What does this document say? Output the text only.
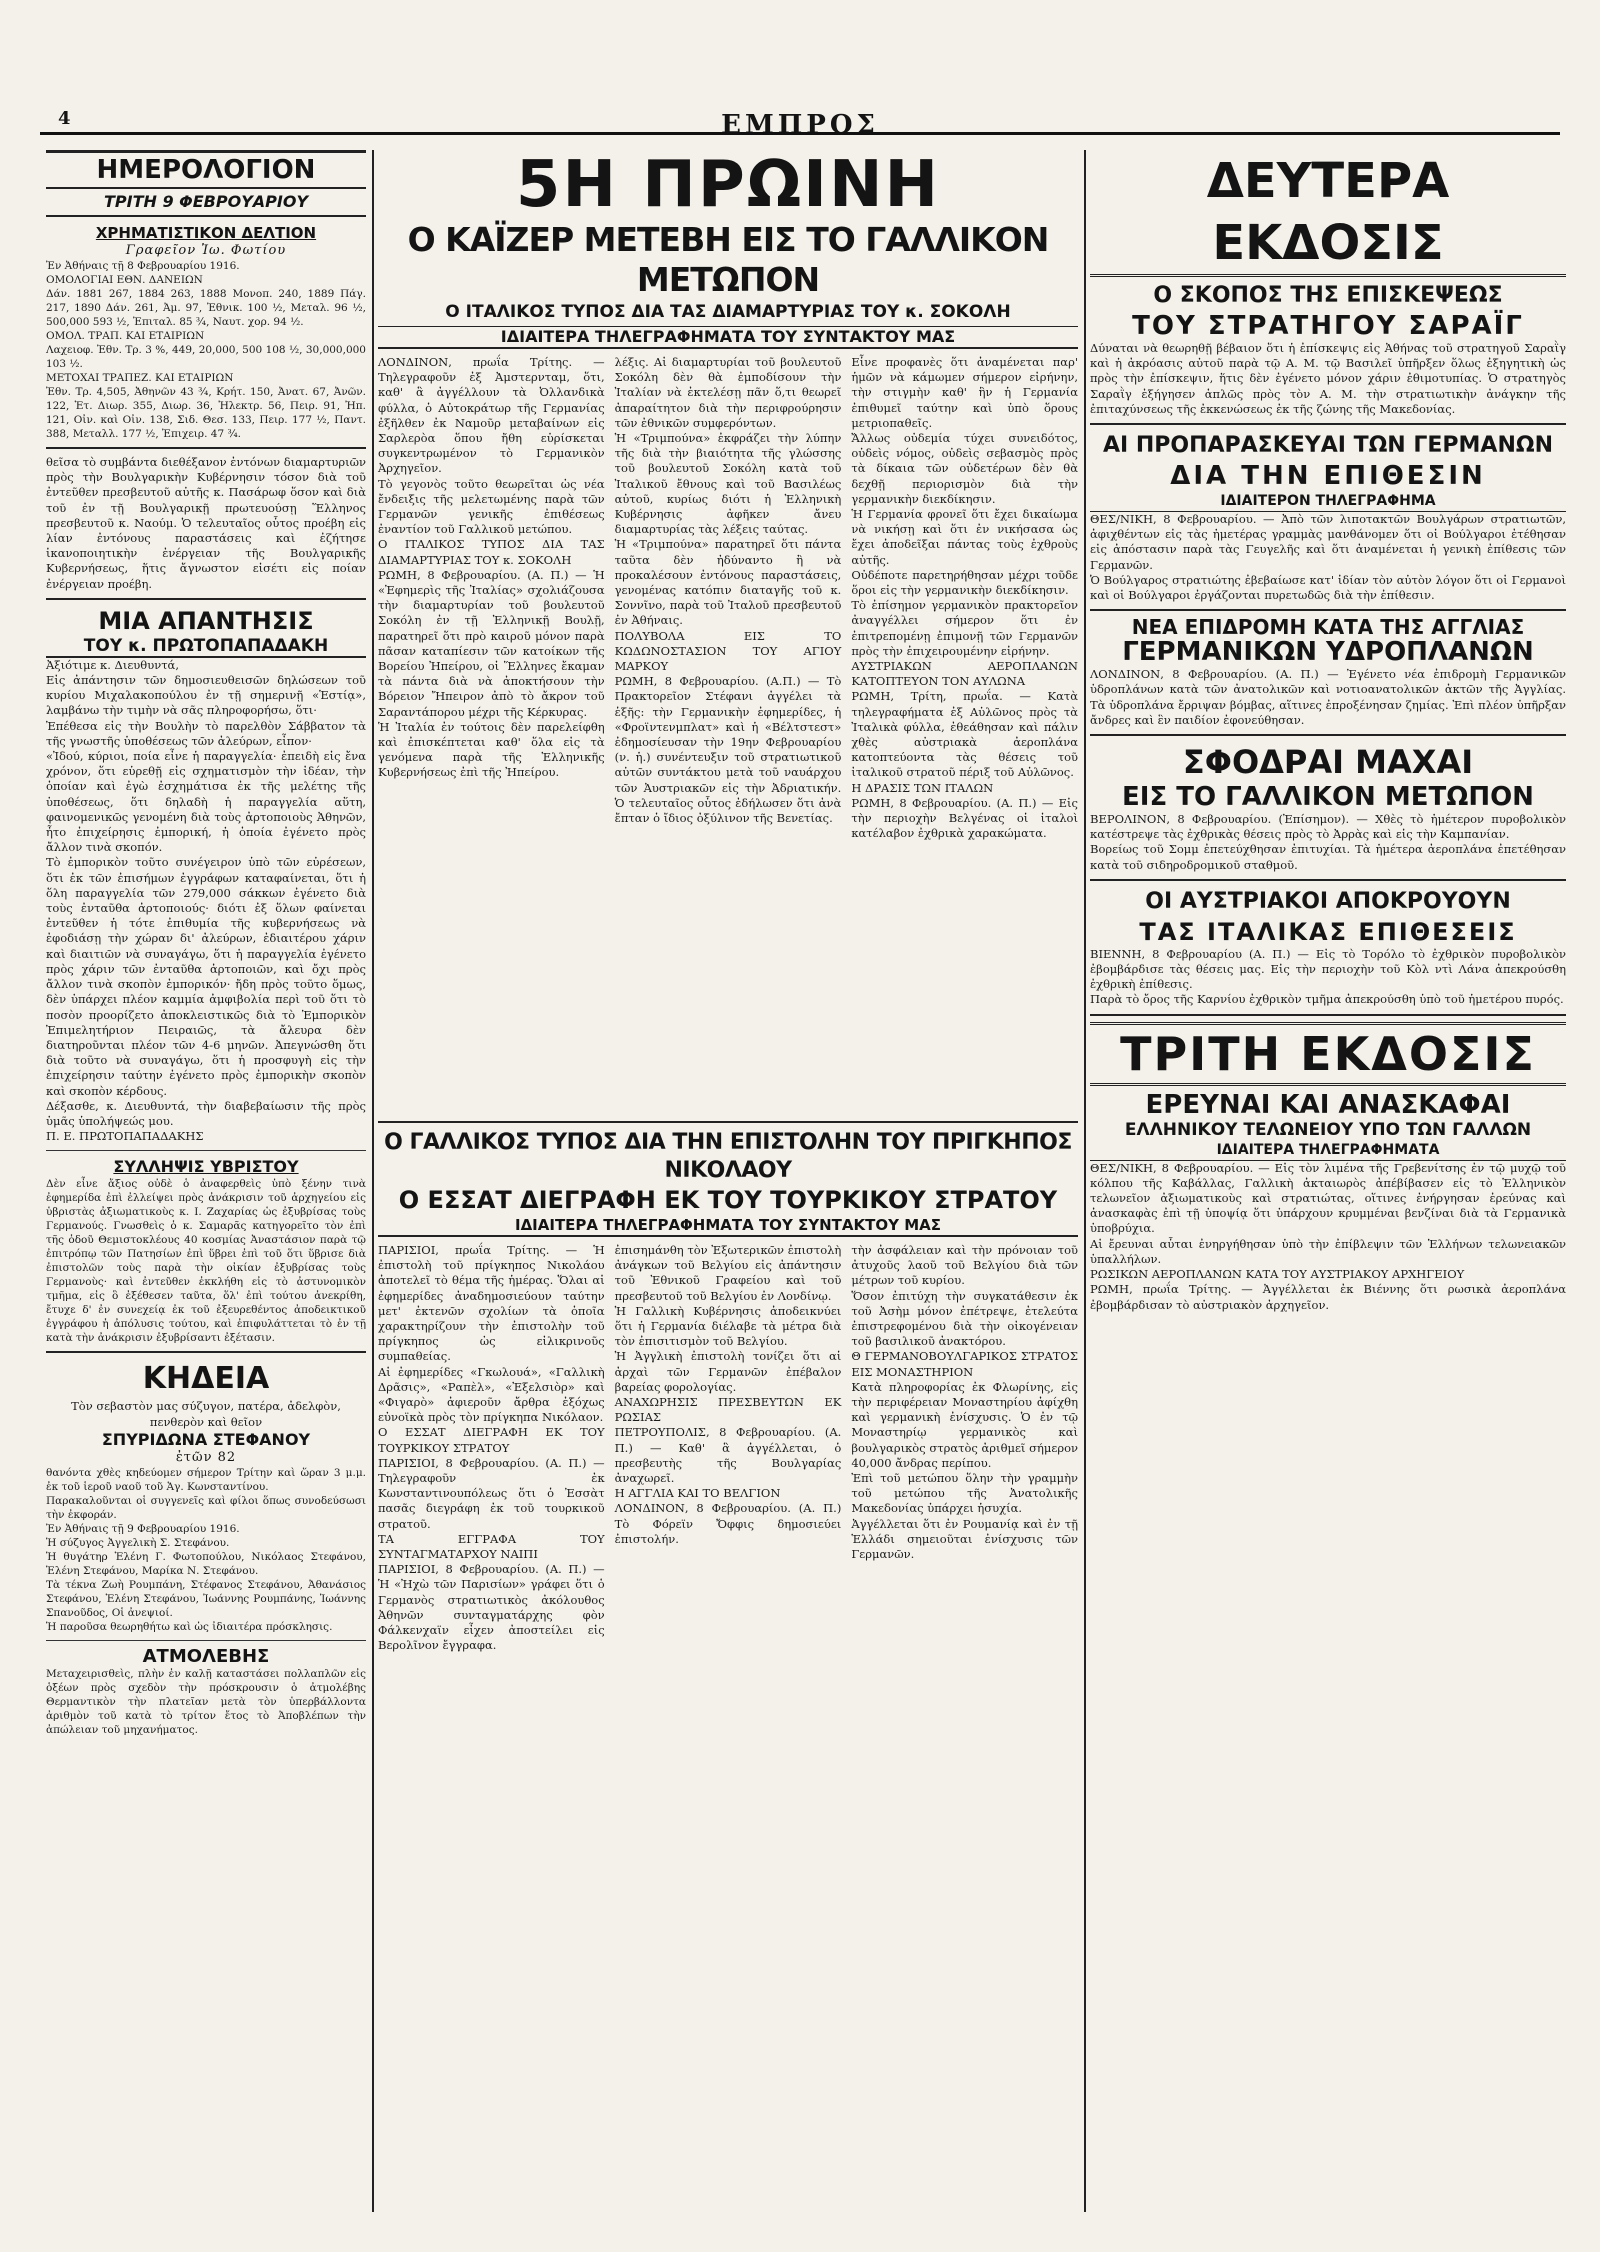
4	ΕΜΠΡΟΣ
ΗΜΕΡΟΛΟΓΙΟΝ
ΤΡΙΤΗ 9 ΦΕΒΡΟΥΑΡΙΟΥ
ΧΡΗΜΑΤΙΣΤΙΚΟΝ ΔΕΛΤΙΟΝ
Γραφεῖον Ἰω. Φωτίου
Ἐν Ἀθήναις τῇ 8 Φεβρουαρίου 1916.
ΟΜΟΛΟΓΙΑΙ ΕΘΝ. ΔΑΝΕΙΩΝ
Δάν. 1881 267, 1884 263, 1888 Μονοπ. 240, 1889 Πάγ. 217, 1890 Δάν. 261, Ἀμ. 97, Ἐθνικ. 100 ½, Μεταλ. 96 ½, 500,000 593 ½, Ἐπιταλ. 85 ¾, Ναυτ. χορ. 94 ½.
ΟΜΟΛ. ΤΡΑΠ. ΚΑΙ ΕΤΑΙΡΙΩΝ
Λαχειοφ. Ἐθν. Τρ. 3 %, 449, 20,000, 500 108 ½, 30,000,000 103 ½.
ΜΕΤΟΧΑΙ ΤΡΑΠΕΖ. ΚΑΙ ΕΤΑΙΡΙΩΝ
Ἐθν. Τρ. 4,505, Ἀθηνῶν 43 ¾, Κρήτ. 150, Ἀνατ. 67, Ἀνῶν. 122, Ἑτ. Διωρ. 355, Διωρ. 36, Ἠλεκτρ. 56, Πειρ. 91, Ἠπ. 121, Οἰν. καὶ Οἰν. 138, Σιδ. Θεσ. 133, Πειρ. 177 ½, Παντ. 388, Μεταλλ. 177 ½, Ἐπιχειρ. 47 ¾.
θεῖσα τὸ συμβάντα διεθέξανον ἐντόνων διαμαρτυριῶν πρὸς τὴν Βουλγαρικὴν Κυβέρνησιν τόσον διὰ τοῦ ἐντεῦθεν πρεσβευτοῦ αὐτῆς κ. Πασάρωφ ὅσον καὶ διὰ τοῦ ἐν τῇ Βουλγαρικῇ πρωτευούσῃ Ἕλληνος πρεσβευτοῦ κ. Ναούμ. Ὁ τελευταῖος οὗτος προέβη εἰς λίαν ἐντόνους παραστάσεις καὶ ἐζήτησε ἱκανοποιητικὴν ἐνέργειαν τῆς Βουλγαρικῆς Κυβερνήσεως, ἥτις ἄγνωστον εἰσέτι εἰς ποίαν ἐνέργειαν προέβη.
ΜΙΑ ΑΠΑΝΤΗΣΙΣ
ΤΟΥ κ. ΠΡΩΤΟΠΑΠΑΔΑΚΗ
Ἀξιότιμε κ. Διευθυντά,
Εἰς ἀπάντησιν τῶν δημοσιευθεισῶν δηλώσεων τοῦ κυρίου Μιχαλακοπούλου ἐν τῇ σημερινῇ «Ἑστίᾳ», λαμβάνω τὴν τιμὴν νὰ σᾶς πληροφορήσω, ὅτι·
Ἐπέθεσα εἰς τὴν Βουλὴν τὸ παρελθὸν Σάββατον τὰ τῆς γνωστῆς ὑποθέσεως τῶν ἀλεύρων, εἶπον·
«Ἰδού, κύριοι, ποία εἶνε ἡ παραγγελία· ἐπειδὴ εἰς ἔνα χρόνον, ὅτι εὑρεθῇ εἰς σχηματισμὸν τὴν ἰδέαν, τὴν ὁποίαν καὶ ἐγὼ ἐσχημάτισα ἐκ τῆς μελέτης τῆς ὑποθέσεως, ὅτι δηλαδὴ ἡ παραγγελία αὕτη, φαινομενικῶς γενομένη διὰ τοὺς ἀρτοποιοὺς Ἀθηνῶν, ἦτο ἐπιχείρησις ἐμπορική, ἡ ὁποία ἐγένετο πρὸς ἄλλον τινὰ σκοπόν.
Τὸ ἐμπορικὸν τοῦτο συνέγειρον ὑπὸ τῶν εὐρέσεων, ὅτι ἐκ τῶν ἐπισήμων ἐγγράφων καταφαίνεται, ὅτι ἡ ὅλη παραγγελία τῶν 279,000 σάκκων ἐγένετο διὰ τοὺς ἐνταῦθα ἀρτοποιούς· διότι ἐξ ὅλων φαίνεται ἐντεῦθεν ἡ τότε ἐπιθυμία τῆς κυβερνήσεως νὰ ἐφοδιάσῃ τὴν χώραν δι' ἀλεύρων, ἐδιαιτέρου χάριν καὶ διαιτιῶν νὰ συναγάγω, ὅτι ἡ παραγγελία ἐγένετο πρὸς χάριν τῶν ἐνταῦθα ἀρτοποιῶν, καὶ ὄχι πρὸς ἄλλον τινὰ σκοπὸν ἐμπορικόν· ἤδη πρὸς τοῦτο ὅμως, δὲν ὑπάρχει πλέον καμμία ἀμφιβολία περὶ τοῦ ὅτι τὸ ποσὸν προορίζετο ἀποκλειστικῶς διὰ τὸ Ἐμπορικὸν Ἐπιμελητήριον Πειραιῶς, τὰ ἄλευρα δὲν διατηροῦνται πλέον τῶν 4-6 μηνῶν. Ἀπεγνώσθη ὅτι διὰ τοῦτο νὰ συναγάγω, ὅτι ἡ προσφυγὴ εἰς τὴν ἐπιχείρησιν ταύτην ἐγένετο πρὸς ἐμπορικὴν σκοπὸν καὶ σκοπὸν κέρδους.
Δέξασθε, κ. Διευθυντά, τὴν διαβεβαίωσιν τῆς πρὸς ὑμᾶς ὑπολήψεώς μου.
Π. Ε. ΠΡΩΤΟΠΑΠΑΔΑΚΗΣ
ΣΥΛΛΗΨΙΣ ΥΒΡΙΣΤΟΥ
Δὲν εἶνε ἄξιος οὐδὲ ὁ ἀναφερθεὶς ὑπὸ ξένην τινὰ ἐφημερίδα ἐπὶ ἐλλείψει πρὸς ἀνάκρισιν τοῦ ἀρχηγείου εἰς ὑβριστὰς ἀξιωματικοὺς κ. Ι. Ζαχαρίας ὡς ἐξυβρίσας τοὺς Γερμανούς. Γνωσθεὶς ὁ κ. Σαμαρᾶς κατηγορεῖτο τὸν ἐπὶ τῆς ὁδοῦ Θεμιστοκλέους 40 κοσμίας Ἀναστάσιον παρὰ τῷ ἐπιτρόπῳ τῶν Πατησίων ἐπὶ ὕβρει ἐπὶ τοῦ ὅτι ὕβρισε διὰ ἐπιστολῶν τοὺς παρὰ τὴν οἰκίαν ἐξυβρίσας τοὺς Γερμανοὺς· καὶ ἐντεῦθεν ἐκκλήθη εἰς τὸ ἀστυνομικὸν τμῆμα, εἰς ὃ ἐξέθεσεν ταῦτα, ὅλ' ἐπὶ τούτου ἀνεκρίθη, ἔτυχε δ' ἐν συνεχείᾳ ἐκ τοῦ ἐξευρεθέντος ἀποδεικτικοῦ ἐγγράφου ἡ ἀπόλυσις τούτου, καὶ ἐπιφυλάττεται τὸ ἐν τῇ κατὰ τὴν ἀνάκρισιν ἐξυβρίσαντι ἐξέτασιν.
ΚΗΔΕΙΑ
Τὸν σεβαστὸν μας σύζυγον, πατέρα, ἀδελφὸν, πενθερὸν καὶ θεῖον
ΣΠΥΡΙΔΩΝΑ ΣΤΕΦΑΝΟΥ
ἐτῶν 82
θανόντα χθὲς κηδεύομεν σήμερον Τρίτην καὶ ὥραν 3 μ.μ. ἐκ τοῦ ἱεροῦ ναοῦ τοῦ Ἁγ. Κωνσταντίνου.
Παρακαλοῦνται οἱ συγγενεῖς καὶ φίλοι ὅπως συνοδεύσωσι τὴν ἐκφοράν.
Ἐν Ἀθήναις τῇ 9 Φεβρουαρίου 1916.
Ἡ σύζυγος Ἀγγελικὴ Σ. Στεφάνου.
Ἡ θυγάτηρ Ἑλένη Γ. Φωτοπούλου, Νικόλαος Στεφάνου, Ἑλένη Στεφάνου, Μαρίκα Ν. Στεφάνου.
Τὰ τέκνα Ζωὴ Ρουμπάνη, Στέφανος Στεφάνου, Ἀθανάσιος Στεφάνου, Ἑλένη Στεφάνου, Ἰωάννης Ρουμπάνης, Ἰωάννης Σπανοῦδος, Οἱ ἀνεψιοί.
Ἡ παροῦσα θεωρηθήτω καὶ ὡς ἰδιαιτέρα πρόσκλησις.
ΑΤΜΟΛΕΒΗΣ
Μεταχειρισθεὶς, πλὴν ἐν καλῇ καταστάσει πολλαπλῶν εἰς ὁξέων πρὸς σχεδὸν τὴν πρόσκρουσιν ὁ ἀτμολέβης Θερμαντικὸν τὴν πλατεῖαν μετὰ τὸν ὑπερβάλλοντα ἀριθμὸν τοῦ κατὰ τὸ τρίτον ἔτος τὸ Ἀποβλέπων τὴν ἀπώλειαν τοῦ μηχανήματος.
5Η ΠΡΩΙΝΗ
Ο ΚΑΪΖΕΡ ΜΕΤΕΒΗ ΕΙΣ ΤΟ ΓΑΛΛΙΚΟΝ ΜΕΤΩΠΟΝ
Ο ΙΤΑΛΙΚΟΣ ΤΥΠΟΣ ΔΙΑ ΤΑΣ ΔΙΑΜΑΡΤΥΡΙΑΣ ΤΟΥ κ. ΣΟΚΟΛΗ
ΙΔΙΑΙΤΕΡΑ ΤΗΛΕΓΡΑΦΗΜΑΤΑ ΤΟΥ ΣΥΝΤΑΚΤΟΥ ΜΑΣ
ΛΟΝΔΙΝΟΝ, πρωΐα Τρίτης. — Τηλεγραφοῦν ἐξ Ἀμστερνταμ, ὅτι, καθ' ἃ ἀγγέλλουν τὰ Ὀλλανδικὰ φύλλα, ὁ Αὐτοκράτωρ τῆς Γερμανίας ἐξῆλθεν ἐκ Ναμοῦρ μεταβαίνων εἰς Σαρλερὸα ὅπου ἤθη εὑρίσκεται συγκεντρωμένον τὸ Γερμανικὸν Ἀρχηγεῖον.
Τὸ γεγονὸς τοῦτο θεωρεῖται ὡς νέα ἔνδειξις τῆς μελετωμένης παρὰ τῶν Γερμανῶν γενικῆς ἐπιθέσεως ἐναντίον τοῦ Γαλλικοῦ μετώπου.
Ο ΙΤΑΛΙΚΟΣ ΤΥΠΟΣ ΔΙΑ ΤΑΣ ΔΙΑΜΑΡΤΥΡΙΑΣ ΤΟΥ κ. ΣΟΚΟΛΗ
ΡΩΜΗ, 8 Φεβρουαρίου. (Α. Π.) — Ἡ «Ἐφημερὶς τῆς Ἰταλίας» σχολιάζουσα τὴν διαμαρτυρίαν τοῦ βουλευτοῦ Σοκόλη ἐν τῇ Ἑλληνικῇ Βουλῇ, παρατηρεῖ ὅτι πρὸ καιροῦ μόνον παρὰ πᾶσαν καταπίεσιν τῶν κατοίκων τῆς Βορείου Ἠπείρου, οἱ Ἕλληνες ἔκαμαν τὰ πάντα διὰ νὰ ἀποκτήσουν τὴν Βόρειον Ἤπειρον ἀπὸ τὸ ἄκρον τοῦ Σαραντάπορου μέχρι τῆς Κέρκυρας.
Ἡ Ἰταλία ἐν τούτοις δὲν παρελείφθη καὶ ἐπισκέπτεται καθ' ὅλα εἰς τὰ γενόμενα παρὰ τῆς Ἑλληνικῆς Κυβερνήσεως ἐπὶ τῆς Ἠπείρου.
λέξις. Αἱ διαμαρτυρίαι τοῦ βουλευτοῦ Σοκόλη δὲν θὰ ἐμποδίσουν τὴν Ἰταλίαν νὰ ἐκτελέσῃ πᾶν ὅ,τι θεωρεῖ ἀπαραίτητον διὰ τὴν περιφρούρησιν τῶν ἐθνικῶν συμφερόντων.
Ἡ «Τριμπούνα» ἐκφράζει τὴν λύπην τῆς διὰ τὴν βιαιότητα τῆς γλώσσης τοῦ βουλευτοῦ Σοκόλη κατὰ τοῦ Ἰταλικοῦ ἔθνους καὶ τοῦ Βασιλέως αὐτοῦ, κυρίως διότι ἡ Ἑλληνικὴ Κυβέρνησις ἀφῆκεν ἄνευ διαμαρτυρίας τὰς λέξεις ταύτας.
Ἡ «Τριμπούνα» παρατηρεῖ ὅτι πάντα ταῦτα δὲν ἠδύναντο ἢ νὰ προκαλέσουν ἐντόνους παραστάσεις, γενομένας κατόπιν διαταγῆς τοῦ κ. Σοννῖνο, παρὰ τοῦ Ἰταλοῦ πρεσβευτοῦ ἐν Ἀθήναις.
ΠΟΛΥΒΟΛΑ ΕΙΣ ΤΟ ΚΩΔΩΝΟΣΤΑΣΙΟΝ ΤΟΥ ΑΓΙΟΥ ΜΑΡΚΟΥ
ΡΩΜΗ, 8 Φεβρουαρίου. (Α.Π.) — Τὸ Πρακτορεῖον Στέφανι ἀγγέλει τὰ ἑξῆς: τὴν Γερμανικὴν ἐφημερίδες, ἡ «Φροϊντενμπλατ» καὶ ἡ «Βέλτστεστ» ἐδημοσίευσαν τὴν 19ην Φεβρουαρίου (ν. ἡ.) συνέντευξιν τοῦ στρατιωτικοῦ αὐτῶν συντάκτου μετὰ τοῦ ναυάρχου τῶν Ἀυστριακῶν εἰς τὴν Ἀδριατικήν. Ὁ τελευταῖος οὗτος ἐδήλωσεν ὅτι ἀνὰ ἔπταν ὁ ἴδιος ὀξύλινον τῆς Βενετίας.
Εἶνε προφανὲς ὅτι ἀναμένεται παρ' ἡμῶν νὰ κάμωμεν σήμερον εἰρήνην, τὴν στιγμὴν καθ' ἣν ἡ Γερμανία ἐπιθυμεῖ ταύτην καὶ ὑπὸ ὅρους μετριοπαθεῖς.
Ἄλλως οὐδεμία τύχει συνειδότος, οὐδεὶς νόμος, οὐδεὶς σεβασμὸς πρὸς τὰ δίκαια τῶν οὐδετέρων δὲν θὰ δεχθῇ περιορισμὸν διὰ τὴν γερμανικὴν διεκδίκησιν.
Ἡ Γερμανία φρονεῖ ὅτι ἔχει δικαίωμα νὰ νικήσῃ καὶ ὅτι ἐν νικήσασα ὡς ἔχει ἀποδεῖξαι πάντας τοὺς ἐχθροὺς αὐτῆς.
Οὐδέποτε παρετηρήθησαν μέχρι τοῦδε ὅροι εἰς τὴν γερμανικὴν διεκδίκησιν.
Τὸ ἐπίσημον γερμανικὸν πρακτορεῖον ἀναγγέλλει σήμερον ὅτι ἐν ἐπιτρεπομένῃ ἐπιμονῇ τῶν Γερμανῶν πρὸς τὴν ἐπιχειρουμένην εἰρήνην.
ΑΥΣΤΡΙΑΚΩΝ ΑΕΡΟΠΛΑΝΩΝ ΚΑΤΟΠΤΕΥΟΝ ΤΟΝ ΑΥΛΩΝΑ
ΡΩΜΗ, Τρίτη, πρωΐα. — Κατὰ τηλεγραφήματα ἐξ Αὐλῶνος πρὸς τὰ Ἰταλικὰ φύλλα, ἐθεάθησαν καὶ πάλιν χθὲς αὐστριακὰ ἀεροπλάνα κατοπτεύοντα τὰς θέσεις τοῦ ἰταλικοῦ στρατοῦ πέριξ τοῦ Αὐλῶνος.
Η ΔΡΑΣΙΣ ΤΩΝ ΙΤΑΛΩΝ
ΡΩΜΗ, 8 Φεβρουαρίου. (Α. Π.) — Εἰς τὴν περιοχὴν Βελγένας οἱ ἰταλοὶ κατέλαβον ἐχθρικὰ χαρακώματα.
Ο ΓΑΛΛΙΚΟΣ ΤΥΠΟΣ ΔΙΑ ΤΗΝ ΕΠΙΣΤΟΛΗΝ ΤΟΥ ΠΡΙΓΚΗΠΟΣ ΝΙΚΟΛΑΟΥ
Ο ΕΣΣΑΤ ΔΙΕΓΡΑΦΗ ΕΚ ΤΟΥ ΤΟΥΡΚΙΚΟΥ ΣΤΡΑΤΟΥ
ΙΔΙΑΙΤΕΡΑ ΤΗΛΕΓΡΑΦΗΜΑΤΑ ΤΟΥ ΣΥΝΤΑΚΤΟΥ ΜΑΣ
ΠΑΡΙΣΙΟΙ, πρωΐα Τρίτης. — Ἡ ἐπιστολὴ τοῦ πρίγκηπος Νικολάου ἀποτελεῖ τὸ θέμα τῆς ἡμέρας. Ὅλαι αἱ ἐφημερίδες ἀναδημοσιεύουν ταύτην μετ' ἐκτενῶν σχολίων τὰ ὁποῖα χαρακτηρίζουν τὴν ἐπιστολὴν τοῦ πρίγκηπος ὡς εἰλικρινοῦς συμπαθείας.
Αἱ ἐφημερίδες «Γκωλουά», «Γαλλικὴ Δρᾶσις», «Ραπὲλ», «Ἐξελσιὸρ» καὶ «Φιγαρὸ» ἀφιεροῦν ἄρθρα ἐξόχως εὐνοϊκὰ πρὸς τὸν πρίγκηπα Νικόλαον.
Ο ΕΣΣΑΤ ΔΙΕΓΡΑΦΗ ΕΚ ΤΟΥ ΤΟΥΡΚΙΚΟΥ ΣΤΡΑΤΟΥ
ΠΑΡΙΣΙΟΙ, 8 Φεβρουαρίου. (Α. Π.) — Τηλεγραφοῦν ἐκ Κωνσταντινουπόλεως ὅτι ὁ Ἐσσὰτ πασᾶς διεγράφη ἐκ τοῦ τουρκικοῦ στρατοῦ.
ΤΑ ΕΓΓΡΑΦΑ ΤΟΥ ΣΥΝΤΑΓΜΑΤΑΡΧΟΥ ΝΑΙΠΙ
ΠΑΡΙΣΙΟΙ, 8 Φεβρουαρίου. (Α. Π.) — Ἡ «Ἠχὼ τῶν Παρισίων» γράφει ὅτι ὁ Γερμανὸς στρατιωτικὸς ἀκόλουθος Ἀθηνῶν συνταγματάρχης φὸν Φάλκενχαϊν εἶχεν ἀποστείλει εἰς Βερολῖνον ἔγγραφα.
ἐπισημάνθη τὸν Ἐξωτερικῶν ἐπιστολὴ ἀνάγκων τοῦ Βελγίου εἰς ἀπάντησιν τοῦ Ἐθνικοῦ Γραφείου καὶ τοῦ πρεσβευτοῦ τοῦ Βελγίου ἐν Λονδίνῳ.
Ἡ Γαλλικὴ Κυβέρνησις ἀποδεικνύει ὅτι ἡ Γερμανία διέλαβε τὰ μέτρα διὰ τὸν ἐπισιτισμὸν τοῦ Βελγίου.
Ἡ Ἀγγλικὴ ἐπιστολὴ τονίζει ὅτι αἱ ἀρχαὶ τῶν Γερμανῶν ἐπέβαλον βαρείας φορολογίας.
ΑΝΑΧΩΡΗΣΙΣ ΠΡΕΣΒΕΥΤΩΝ ΕΚ ΡΩΣΙΑΣ
ΠΕΤΡΟΥΠΟΛΙΣ, 8 Φεβρουαρίου. (Α. Π.) — Καθ' ἃ ἀγγέλλεται, ὁ πρεσβευτὴς τῆς Βουλγαρίας ἀναχωρεῖ.
Η ΑΓΓΛΙΑ ΚΑΙ ΤΟ ΒΕΛΓΙΟΝ
ΛΟΝΔΙΝΟΝ, 8 Φεβρουαρίου. (Α. Π.) Τὸ Φόρεϊν Ὄφφις δημοσιεύει ἐπιστολήν.
τὴν ἀσφάλειαν καὶ τὴν πρόνοιαν τοῦ ἀτυχοῦς λαοῦ τοῦ Βελγίου διὰ τῶν μέτρων τοῦ κυρίου.
Ὅσον ἐπιτύχη τὴν συγκατάθεσιν ἐκ τοῦ Ἀσὴμ μόνον ἐπέτρεψε, ἐτελεύτα ἐπιστρεφομένου διὰ τὴν οἰκογένειαν τοῦ βασιλικοῦ ἀνακτόρου.
Θ ΓΕΡΜΑΝΟΒΟΥΛΓΑΡΙΚΟΣ ΣΤΡΑΤΟΣ ΕΙΣ ΜΟΝΑΣΤΗΡΙΟΝ
Κατὰ πληροφορίας ἐκ Φλωρίνης, εἰς τὴν περιφέρειαν Μοναστηρίου ἀφίχθη καὶ γερμανικὴ ἐνίσχυσις. Ὁ ἐν τῷ Μοναστηρίῳ γερμανικὸς καὶ βουλγαρικὸς στρατὸς ἀριθμεῖ σήμερον 40,000 ἄνδρας περίπου.
Ἐπὶ τοῦ μετώπου ὅλην τὴν γραμμὴν τοῦ μετώπου τῆς Ἀνατολικῆς Μακεδονίας ὑπάρχει ἡσυχία.
Ἀγγέλλεται ὅτι ἐν Ρουμανίᾳ καὶ ἐν τῇ Ἑλλάδι σημειοῦται ἐνίσχυσις τῶν Γερμανῶν.
ΔΕΥΤΕΡΑ ΕΚΔΟΣΙΣ
Ο ΣΚΟΠΟΣ ΤΗΣ ΕΠΙΣΚΕΨΕΩΣ
ΤΟΥ ΣΤΡΑΤΗΓΟΥ ΣΑΡΑΪΓ
Δύναται νὰ θεωρηθῇ βέβαιον ὅτι ἡ ἐπίσκεψις εἰς Ἀθήνας τοῦ στρατηγοῦ Σαραῒγ καὶ ἡ ἀκρόασις αὐτοῦ παρὰ τῷ Α. Μ. τῷ Βασιλεῖ ὑπῆρξεν ὅλως ἐξηγητικὴ ὡς πρὸς τὴν ἐπίσκεψιν, ἥτις δὲν ἐγένετο μόνον χάριν ἐθιμοτυπίας. Ὁ στρατηγὸς Σαραῒγ ἐξήγησεν ἁπλῶς πρὸς τὸν Α. Μ. τὴν στρατιωτικὴν ἀνάγκην τῆς ἐπιταχύνσεως τῆς ἐκκενώσεως ἐκ τῆς ζώνης τῆς Μακεδονίας.
ΑΙ ΠΡΟΠΑΡΑΣΚΕΥΑΙ ΤΩΝ ΓΕΡΜΑΝΩΝ
ΔΙΑ ΤΗΝ ΕΠΙΘΕΣΙΝ
ΙΔΙΑΙΤΕΡΟΝ ΤΗΛΕΓΡΑΦΗΜΑ
ΘΕΣ/ΝΙΚΗ, 8 Φεβρουαρίου. — Ἀπὸ τῶν λιποτακτῶν Βουλγάρων στρατιωτῶν, ἀφιχθέντων εἰς τὰς ἡμετέρας γραμμὰς μανθάνομεν ὅτι οἱ Βούλγαροι ἐτέθησαν εἰς ἀπόστασιν παρὰ τὰς Γευγελῆς καὶ ὅτι ἀναμένεται ἡ γενικὴ ἐπίθεσις τῶν Γερμανῶν.
Ὁ Βούλγαρος στρατιώτης ἐβεβαίωσε κατ' ἰδίαν τὸν αὐτὸν λόγον ὅτι οἱ Γερμανοὶ καὶ οἱ Βούλγαροι ἐργάζονται πυρετωδῶς διὰ τὴν ἐπίθεσιν.
ΝΕΑ ΕΠΙΔΡΟΜΗ ΚΑΤΑ ΤΗΣ ΑΓΓΛΙΑΣ
ΓΕΡΜΑΝΙΚΩΝ ΥΔΡΟΠΛΑΝΩΝ
ΛΟΝΔΙΝΟΝ, 8 Φεβρουαρίου. (Α. Π.) — Ἐγένετο νέα ἐπιδρομὴ Γερμανικῶν ὑδροπλάνων κατὰ τῶν ἀνατολικῶν καὶ νοτιοανατολικῶν ἀκτῶν τῆς Ἀγγλίας. Τὰ ὑδροπλάνα ἔρριψαν βόμβας, αἵτινες ἐπροξένησαν ζημίας. Ἐπὶ πλέον ὑπῆρξαν ἄνδρες καὶ ἓν παιδίον ἐφονεύθησαν.
ΣΦΟΔΡΑΙ ΜΑΧΑΙ
ΕΙΣ ΤΟ ΓΑΛΛΙΚΟΝ ΜΕΤΩΠΟΝ
ΒΕΡΟΛΙΝΟΝ, 8 Φεβρουαρίου. (Ἐπίσημον). — Χθὲς τὸ ἡμέτερον πυροβολικὸν κατέστρεψε τὰς ἐχθρικὰς θέσεις πρὸς τὸ Ἀρρὰς καὶ εἰς τὴν Καμπανίαν.
Βορείως τοῦ Σομμ ἐπετεύχθησαν ἐπιτυχίαι. Τὰ ἡμέτερα ἀεροπλάνα ἐπετέθησαν κατὰ τοῦ σιδηροδρομικοῦ σταθμοῦ.
ΟΙ ΑΥΣΤΡΙΑΚΟΙ ΑΠΟΚΡΟΥΟΥΝ
ΤΑΣ ΙΤΑΛΙΚΑΣ ΕΠΙΘΕΣΕΙΣ
ΒΙΕΝΝΗ, 8 Φεβρουαρίου (Α. Π.) — Εἰς τὸ Τορόλο τὸ ἐχθρικὸν πυροβολικὸν ἐβομβάρδισε τὰς θέσεις μας. Εἰς τὴν περιοχὴν τοῦ Κὸλ ντὶ Λάνα ἀπεκρούσθη ἐχθρικὴ ἐπίθεσις.
Παρὰ τὸ ὄρος τῆς Καρνίου ἐχθρικὸν τμῆμα ἀπεκρούσθη ὑπὸ τοῦ ἡμετέρου πυρός.
ΤΡΙΤΗ ΕΚΔΟΣΙΣ
ΕΡΕΥΝΑΙ ΚΑΙ ΑΝΑΣΚΑΦΑΙ
ΕΛΛΗΝΙΚΟΥ ΤΕΛΩΝΕΙΟΥ ΥΠΟ ΤΩΝ ΓΑΛΛΩΝ
ΙΔΙΑΙΤΕΡΑ ΤΗΛΕΓΡΑΦΗΜΑΤΑ
ΘΕΣ/ΝΙΚΗ, 8 Φεβρουαρίου. — Εἰς τὸν λιμένα τῆς Γρεβενίτσης ἐν τῷ μυχῷ τοῦ κόλπου τῆς Καβάλλας, Γαλλικὴ ἀκταιωρὸς ἀπέβίβασεν εἰς τὸ Ἑλληνικὸν τελωνεῖον ἀξιωματικοὺς καὶ στρατιώτας, οἵτινες ἐνήργησαν ἐρεύνας καὶ ἀνασκαφὰς ἐπὶ τῇ ὑποψίᾳ ὅτι ὑπάρχουν κρυμμέναι βενζίναι διὰ τὰ Γερμανικὰ ὑποβρύχια.
Αἱ ἔρευναι αὗται ἐνηργήθησαν ὑπὸ τὴν ἐπίβλεψιν τῶν Ἑλλήνων τελωνειακῶν ὑπαλλήλων.
ΡΩΣΙΚΩΝ ΑΕΡΟΠΛΑΝΩΝ ΚΑΤΑ ΤΟΥ ΑΥΣΤΡΙΑΚΟΥ ΑΡΧΗΓΕΙΟΥ
ΡΩΜΗ, πρωΐα Τρίτης. — Ἀγγέλλεται ἐκ Βιέννης ὅτι ρωσικὰ ἀεροπλάνα ἐβομβάρδισαν τὸ αὐστριακὸν ἀρχηγεῖον.
